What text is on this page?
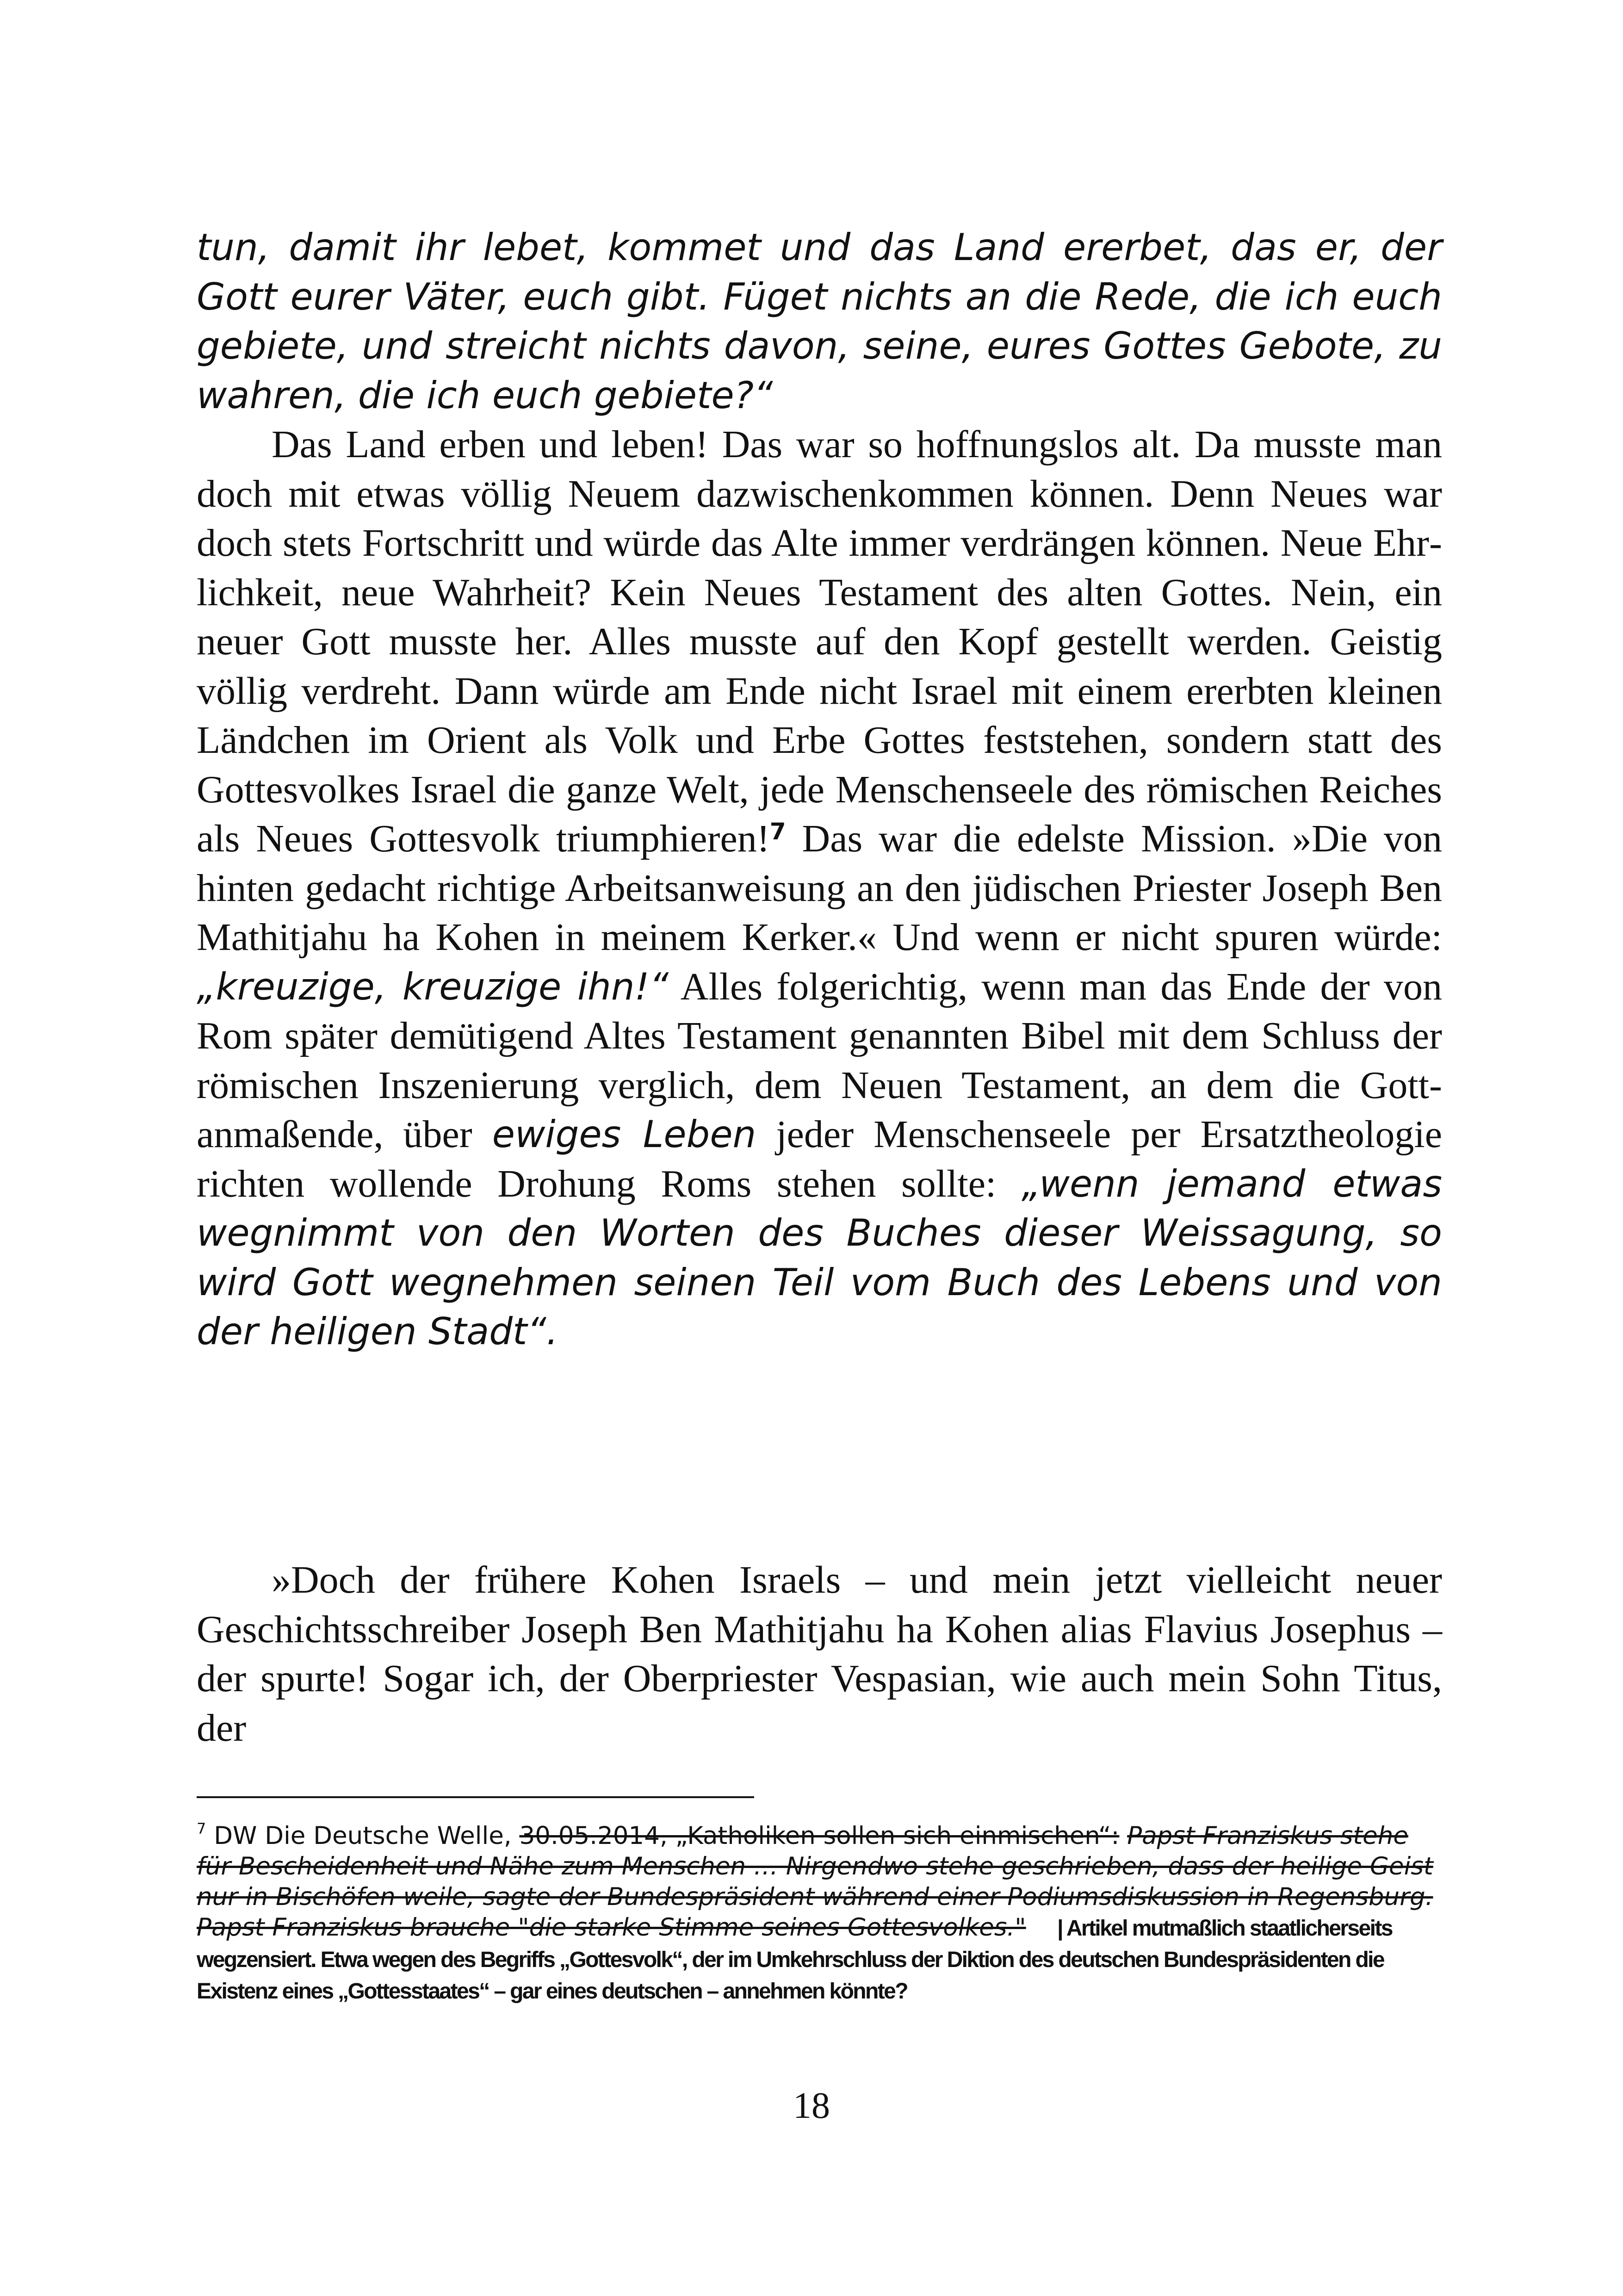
tun, damit ihr lebet, kommet und das Land ererbet, das er, der Gott eurer Väter, euch gibt. Füget nichts an die Rede, die ich euch gebiete, und streicht nichts davon, seine, eures Gottes Gebote, zu wahren, die ich euch gebiete?“

Das Land erben und leben! Das war so hoffnungslos alt. Da musste man doch mit etwas völlig Neuem dazwischenkommen können. Denn Neues war doch stets Fortschritt und würde das Alte immer verdrängen können. Neue Ehrlichkeit, neue Wahrheit? Kein Neues Testament des alten Gottes. Nein, ein neuer Gott musste her. Alles musste auf den Kopf gestellt werden. Geistig völlig verdreht. Dann würde am Ende nicht Israel mit einem ererbten kleinen Ländchen im Orient als Volk und Erbe Gottes feststehen, sondern statt des Gottesvolkes Israel die ganze Welt, jede Menschenseele des römischen Reiches als Neues Gottesvolk triumphieren!$^7$ Das war die edelste Mission. »Die von hinten gedacht richtige Arbeitsanweisung an den jüdischen Priester Joseph Ben Mathitjahu ha Kohen in meinem Kerker.« Und wenn er nicht spuren würde: „kreuzige, kreuzige ihn!“ Alles folgerichtig, wenn man das Ende der von Rom später demütigend Altes Testament genannten Bibel mit dem Schluss der römischen Inszenierung verglich, dem Neuen Testament, an dem die Gott-anmaßende, über ewiges Leben jeder Menschenseele per Ersatztheologie richten wollende Drohung Roms stehen sollte: „wenn jemand etwas wegnimmt von den Worten des Buches dieser Weissagung, so wird Gott wegnehmen seinen Teil vom Buch des Lebens und von der heiligen Stadt“.

»Doch der frühere Kohen Israels – und mein jetzt vielleicht neuer Geschichtsschreiber Joseph Ben Mathitjahu ha Kohen alias Flavius Josephus – der spurte! Sogar ich, der Oberpriester Vespasian, wie auch mein Sohn Titus, der

$^7$ DW Die Deutsche Welle, 30.05.2014, „Katholiken sollen sich einmischen“: Papst Franziskus stehe für Bescheidenheit und Nähe zum Menschen … Nirgendwo stehe geschrieben, dass der heilige Geist nur in Bischöfen weile, sagte der Bundespräsident während einer Podiumsdiskussion in Regensburg. Papst Franziskus brauche "die starke Stimme seines Gottesvolkes." | Artikel mutmaßlich staatlicherseits wegzensiert. Etwa wegen des Begriffs „Gottesvolk“, der im Umkehrschluss der Diktion des deutschen Bundespräsidenten die Existenz eines „Gottesstaates“ – gar eines deutschen – annehmen könnte?

18
